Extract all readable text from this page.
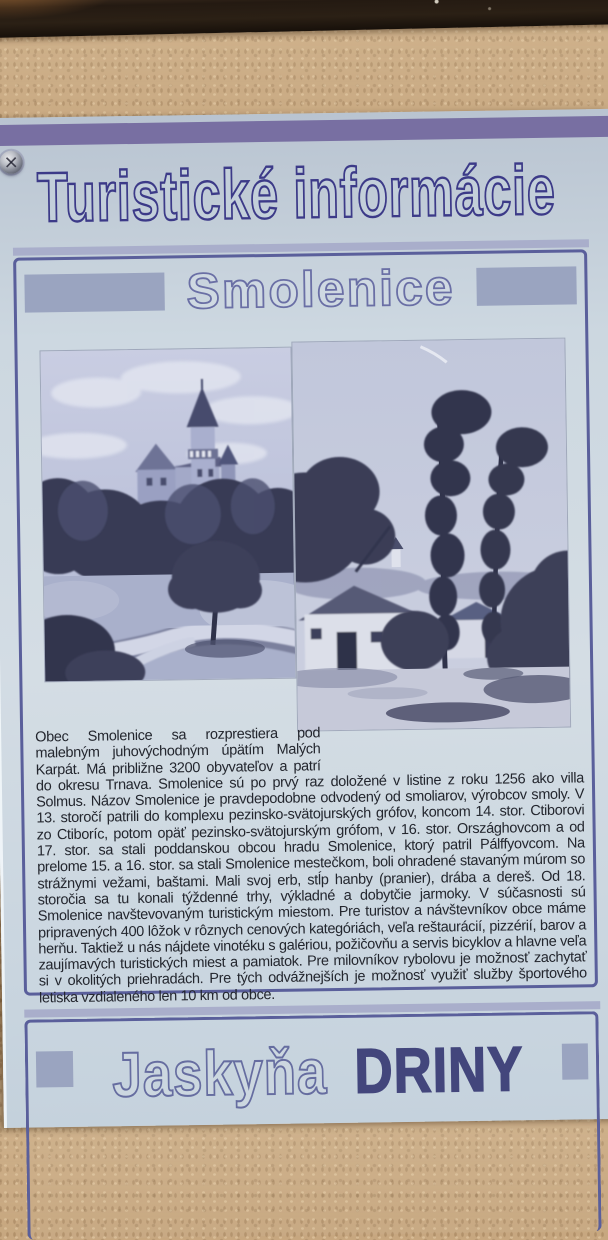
Turistické informácie
Smolenice
Obec Smolenice sa rozprestiera pod malebným juhovýchodným úpätím Malých Karpát. Má približne 3200 obyvateľov a patrí do okresu Trnava. Smolenice sú po prvý raz doložené v listine z roku 1256 ako villa Solmus. Názov Smolenice je pravdepodobne odvodený od smoliarov, výrobcov smoly. V 13. storočí patrili do komplexu pezinsko-svätojurských grófov, koncom 14. stor. Ctiborovi zo Ctiboríc, potom opäť pezinsko-svätojurským grófom, v 16. stor. Országhovcom a od 17. stor. sa stali poddanskou obcou hradu Smolenice, ktorý patril Pálffyovcom. Na prelome 15. a 16. stor. sa stali Smolenice mestečkom, boli ohradené stavaným múrom so strážnymi vežami, baštami. Mali svoj erb, stĺp hanby (pranier), drába a dereš. Od 18. storočia sa tu konali týždenné trhy, výkladné a dobytčie jarmoky. V súčasnosti sú Smolenice navštevovaným turistickým miestom. Pre turistov a návštevníkov obce máme pripravených 400 lôžok v rôznych cenových kategóriách, veľa reštaurácií, pizzérií, barov a herňu. Taktiež u nás nájdete vinotéku s galériou, požičovňu a servis bicyklov a hlavne veľa zaujímavých turistických miest a pamiatok. Pre milovníkov rybolovu je možnosť zachytať si v okolitých priehradách. Pre tých odvážnejších je možnosť využiť služby športového letiska vzdialeného len 10 km od obce.
Jaskyňa DRINY
